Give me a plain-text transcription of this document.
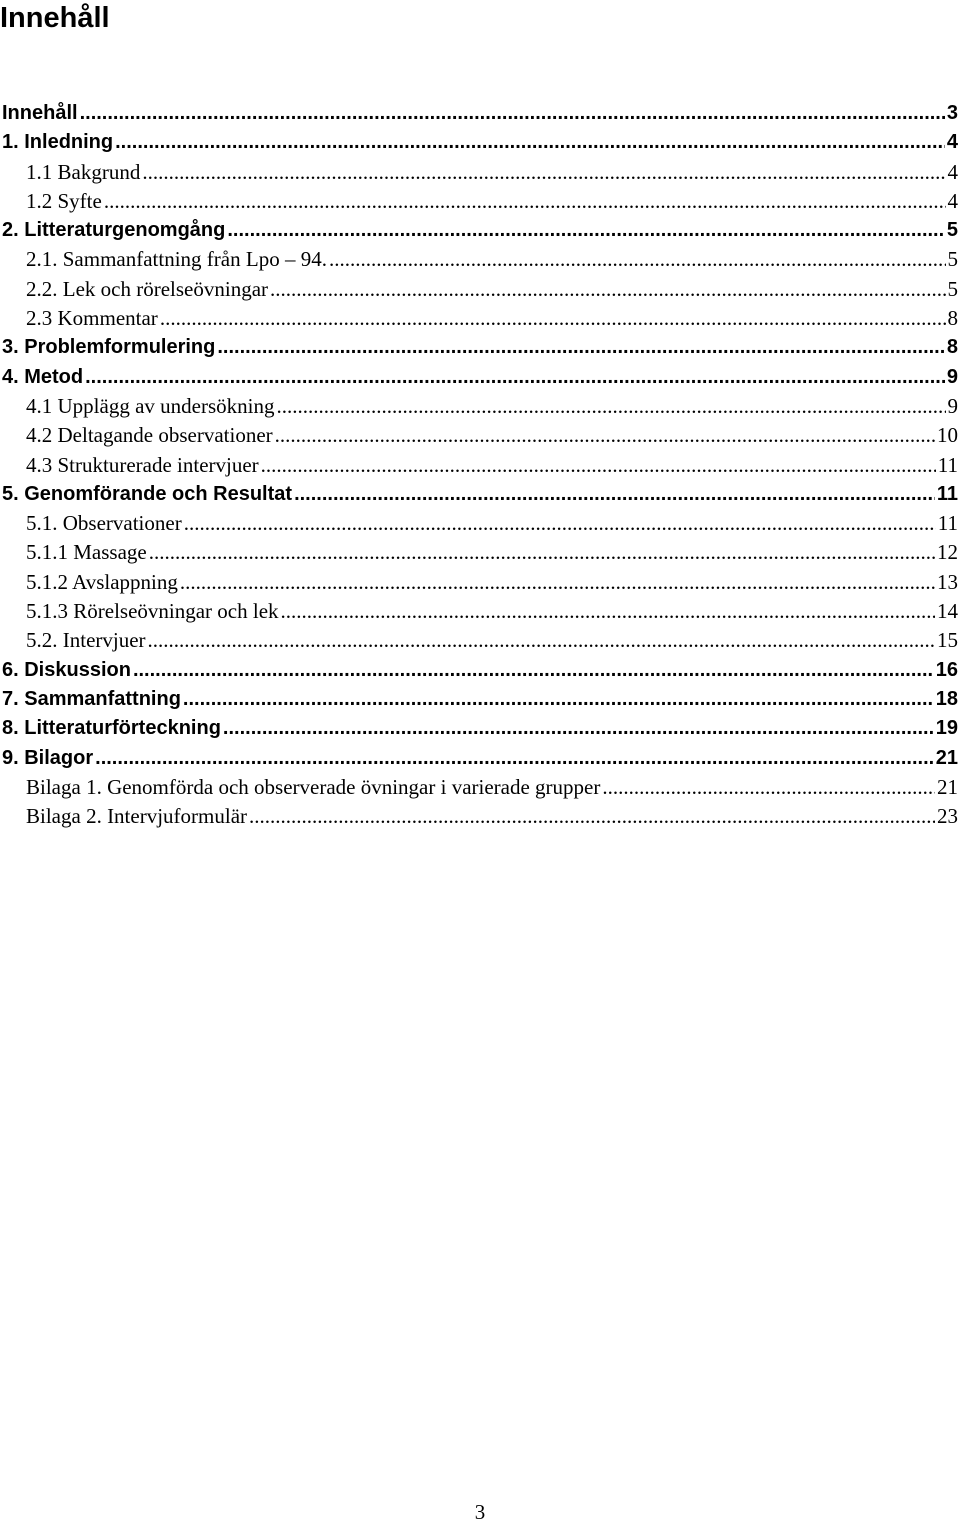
Innehåll
Innehåll .....	3
1. Inledning .....	4
1.1 Bakgrund .....	4
1.2 Syfte .....	4
2. Litteraturgenomgång .....	5
2.1. Sammanfattning från Lpo – 94. .....	5
2.2. Lek och rörelseövningar .....	5
2.3 Kommentar .....	8
3. Problemformulering .....	8
4. Metod .....	9
4.1 Upplägg av undersökning .....	9
4.2 Deltagande observationer .....	10
4.3 Strukturerade intervjuer .....	11
5. Genomförande och Resultat .....	11
5.1. Observationer .....	11
5.1.1 Massage .....	12
5.1.2 Avslappning .....	13
5.1.3 Rörelseövningar och lek .....	14
5.2. Intervjuer .....	15
6. Diskussion .....	16
7. Sammanfattning .....	18
8. Litteraturförteckning .....	19
9. Bilagor .....	21
Bilaga 1. Genomförda och observerade övningar i varierade grupper .....	21
Bilaga 2. Intervjuformulär .....	23
3
